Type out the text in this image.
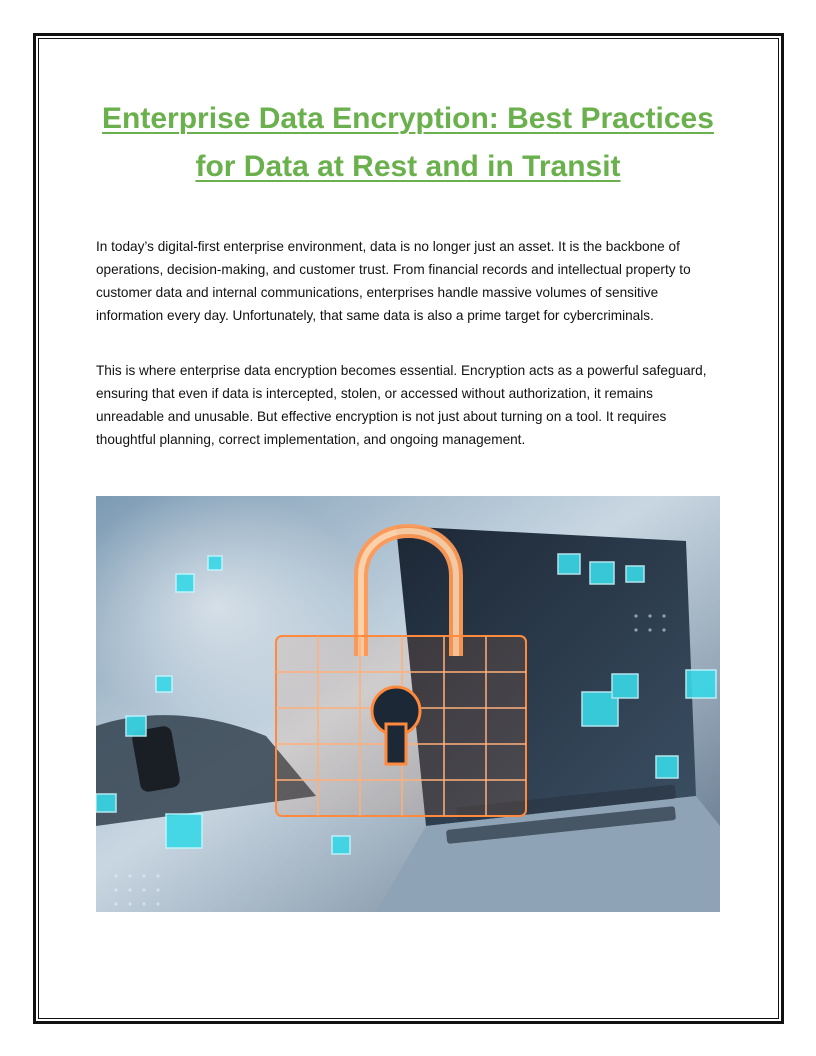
Enterprise Data Encryption: Best Practices
for Data at Rest and in Transit

In today’s digital-first enterprise environment, data is no longer just an asset. It is the backbone of operations, decision-making, and customer trust. From financial records and intellectual property to customer data and internal communications, enterprises handle massive volumes of sensitive information every day. Unfortunately, that same data is also a prime target for cybercriminals.

This is where enterprise data encryption becomes essential. Encryption acts as a powerful safeguard, ensuring that even if data is intercepted, stolen, or accessed without authorization, it remains unreadable and unusable. But effective encryption is not just about turning on a tool. It requires thoughtful planning, correct implementation, and ongoing management.
